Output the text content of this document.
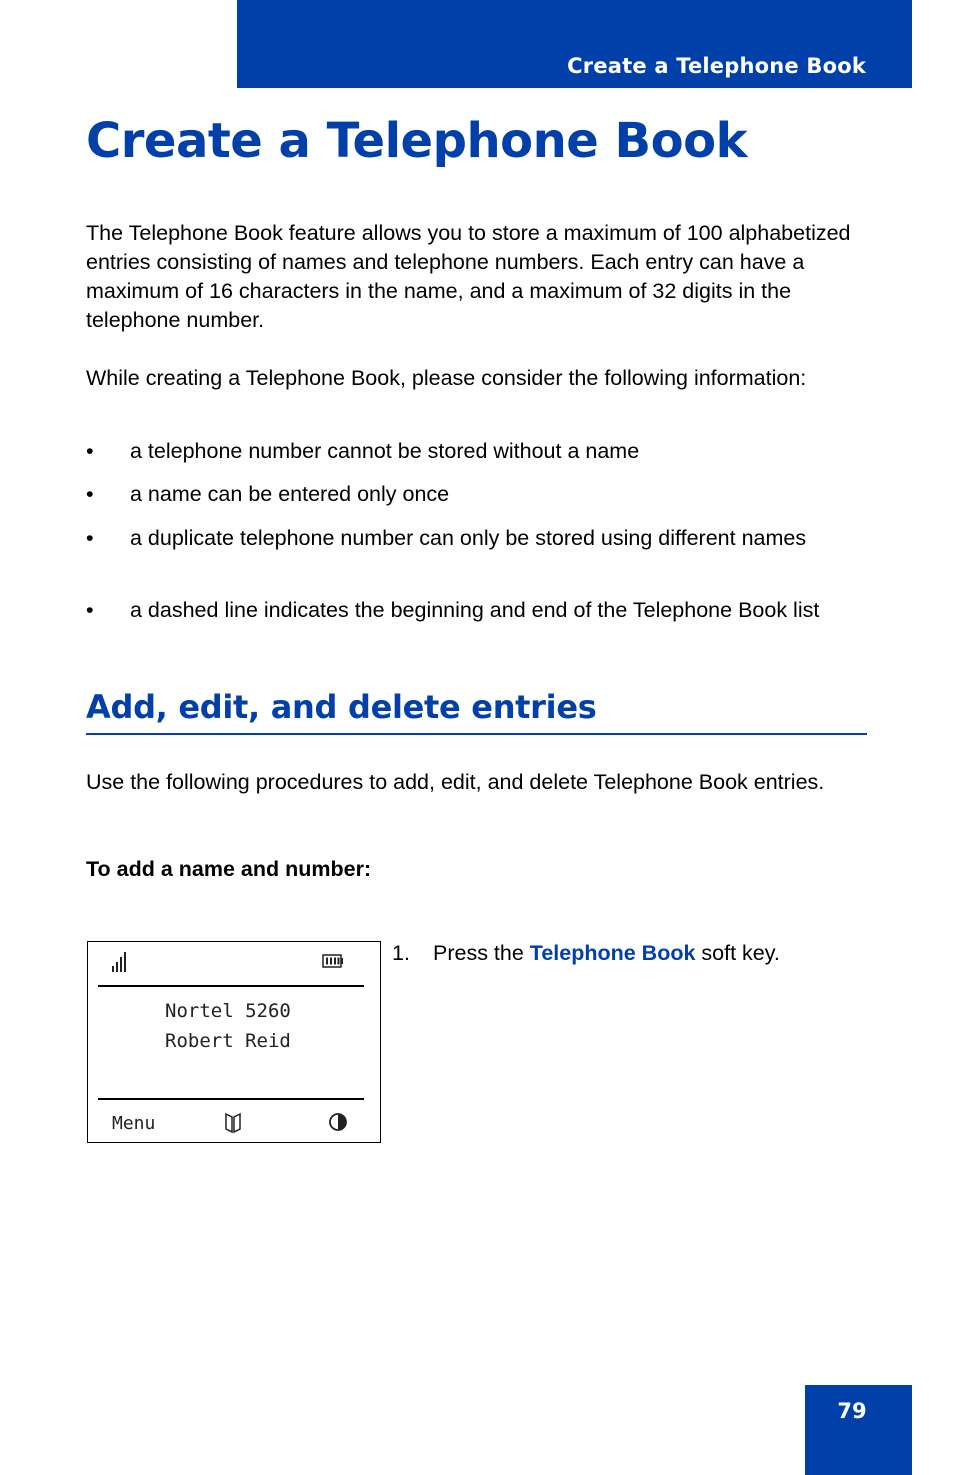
Create a Telephone Book
Create a Telephone Book

The Telephone Book feature allows you to store a maximum of 100 alphabetized entries consisting of names and telephone numbers. Each entry can have a maximum of 16 characters in the name, and a maximum of 32 digits in the telephone number.

While creating a Telephone Book, please consider the following information:

• a telephone number cannot be stored without a name
• a name can be entered only once
• a duplicate telephone number can only be stored using different names
• a dashed line indicates the beginning and end of the Telephone Book list
Add, edit, and delete entries

Use the following procedures to add, edit, and delete Telephone Book entries.

To add a name and number:

Nortel 5260
Robert Reid
Menu
1. Press the Telephone Book soft key.
79
